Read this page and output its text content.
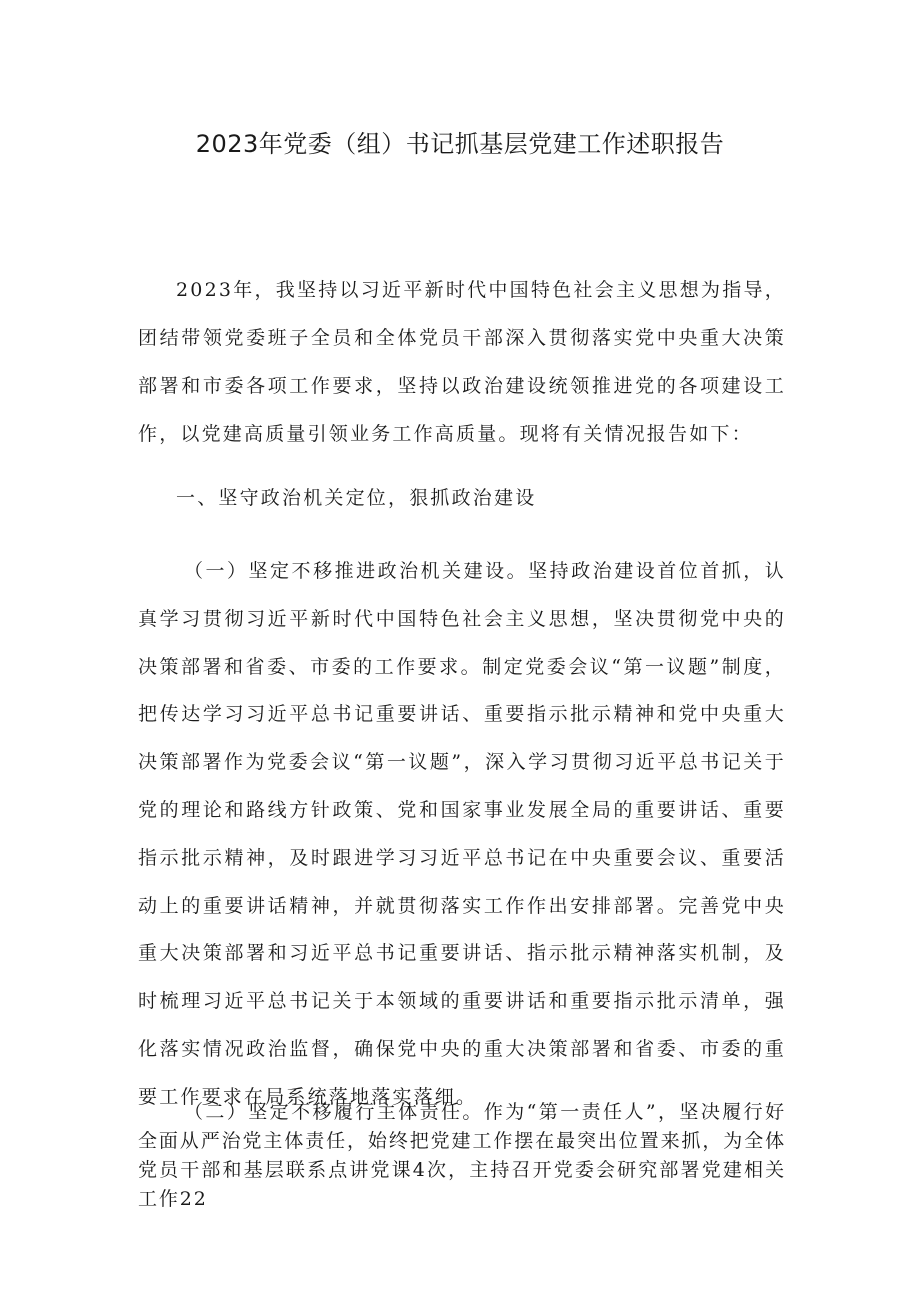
2023年党委（组）书记抓基层党建工作述职报告

2023年，我坚持以习近平新时代中国特色社会主义思想为指导，团结带领党委班子全员和全体党员干部深入贯彻落实党中央重大决策部署和市委各项工作要求，坚持以政治建设统领推进党的各项建设工作，以党建高质量引领业务工作高质量。现将有关情况报告如下：

一、坚守政治机关定位，狠抓政治建设

（一）坚定不移推进政治机关建设。坚持政治建设首位首抓，认真学习贯彻习近平新时代中国特色社会主义思想，坚决贯彻党中央的决策部署和省委、市委的工作要求。制定党委会议“第一议题”制度，把传达学习习近平总书记重要讲话、重要指示批示精神和党中央重大决策部署作为党委会议“第一议题”，深入学习贯彻习近平总书记关于党的理论和路线方针政策、党和国家事业发展全局的重要讲话、重要指示批示精神，及时跟进学习习近平总书记在中央重要会议、重要活动上的重要讲话精神，并就贯彻落实工作作出安排部署。完善党中央重大决策部署和习近平总书记重要讲话、指示批示精神落实机制，及时梳理习近平总书记关于本领域的重要讲话和重要指示批示清单，强化落实情况政治监督，确保党中央的重大决策部署和省委、市委的重要工作要求在局系统落地落实落细。

（二）坚定不移履行主体责任。作为“第一责任人”，坚决履行好全面从严治党主体责任，始终把党建工作摆在最突出位置来抓，为全体党员干部和基层联系点讲党课4次，主持召开党委会研究部署党建相关工作22
